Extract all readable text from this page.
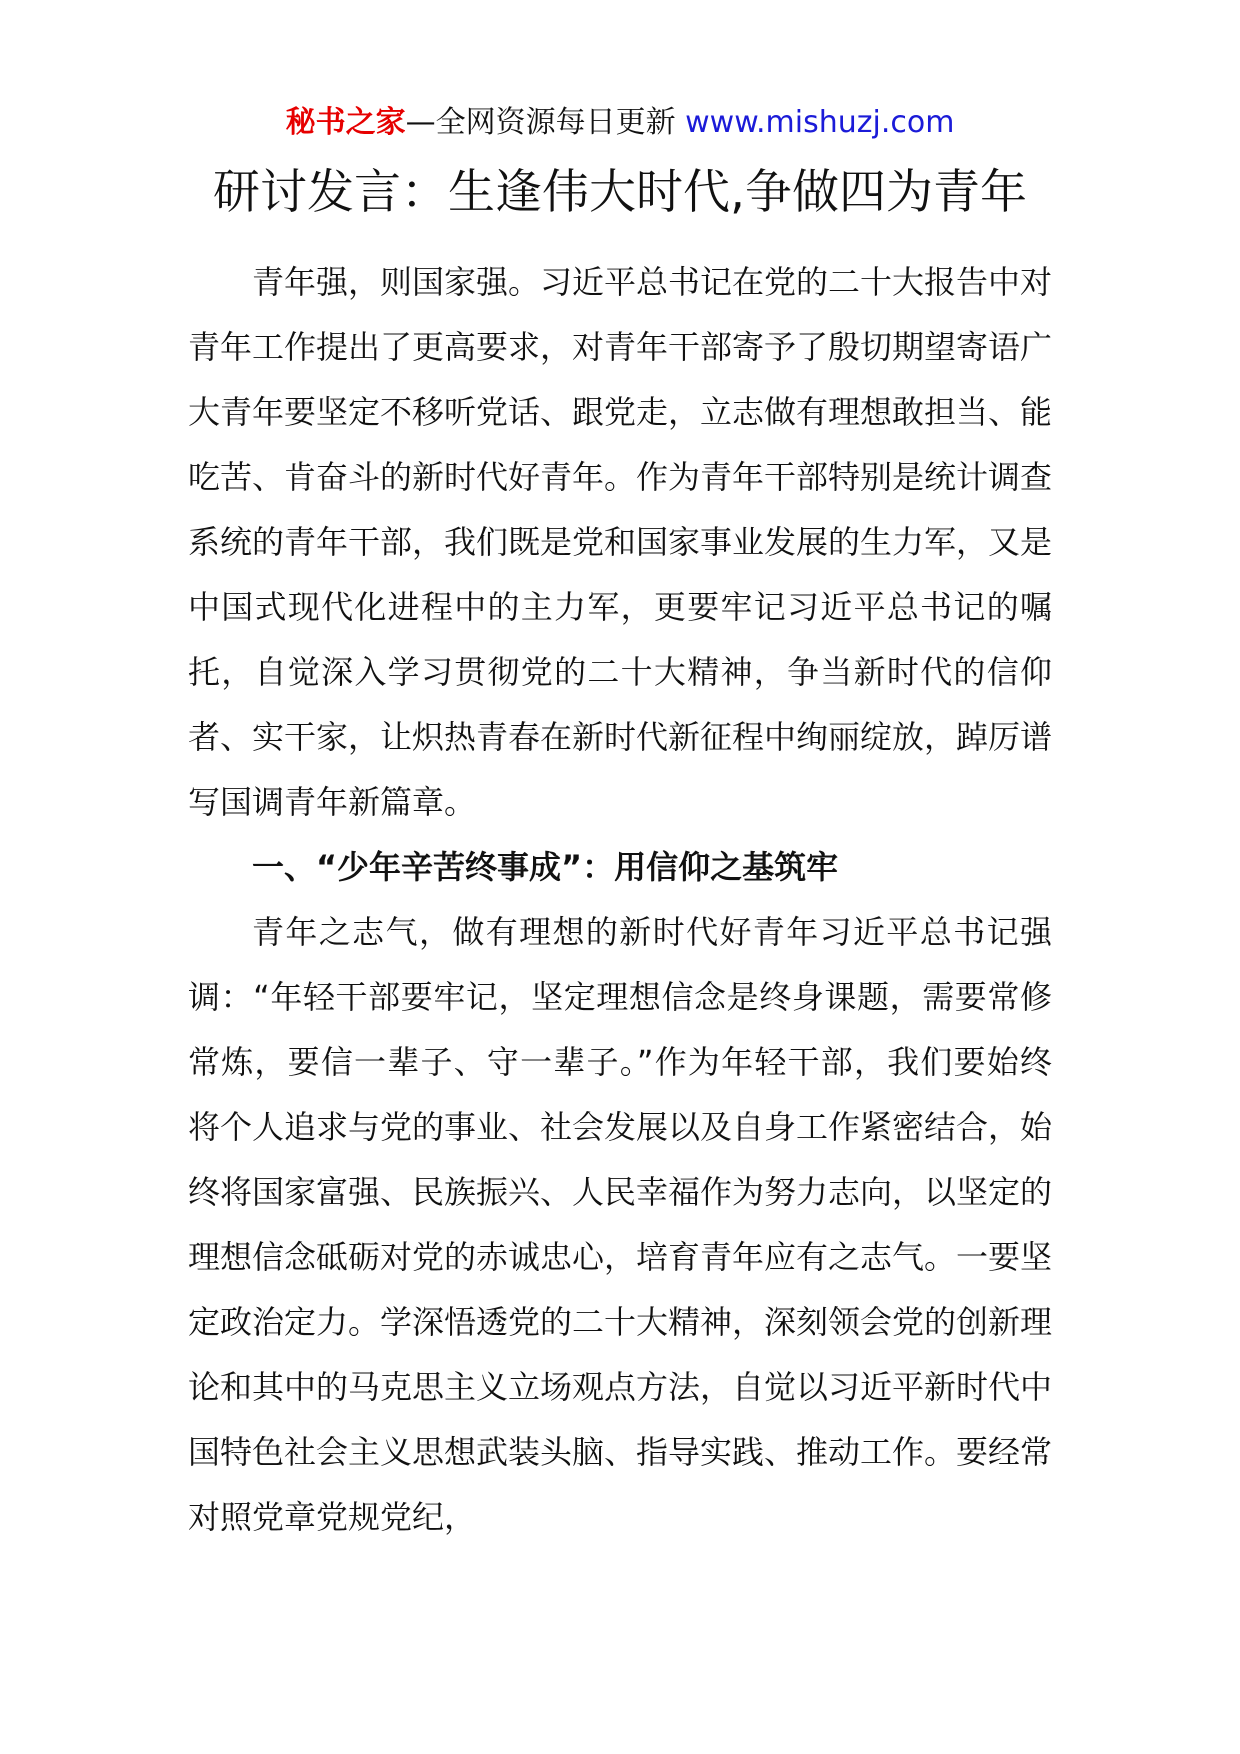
秘书之家—全网资源每日更新 www.mishuzj.com
研讨发言：生逢伟大时代,争做四为青年

青年强，则国家强。习近平总书记在党的二十大报告中对青年工作提出了更高要求，对青年干部寄予了殷切期望寄语广大青年要坚定不移听党话、跟党走，立志做有理想敢担当、能吃苦、肯奋斗的新时代好青年。作为青年干部特别是统计调查系统的青年干部，我们既是党和国家事业发展的生力军，又是中国式现代化进程中的主力军，更要牢记习近平总书记的嘱托，自觉深入学习贯彻党的二十大精神，争当新时代的信仰者、实干家，让炽热青春在新时代新征程中绚丽绽放，踔厉谱写国调青年新篇章。

一、“少年辛苦终事成”：用信仰之基筑牢

青年之志气，做有理想的新时代好青年习近平总书记强调：“年轻干部要牢记，坚定理想信念是终身课题，需要常修常炼，要信一辈子、守一辈子。”作为年轻干部，我们要始终将个人追求与党的事业、社会发展以及自身工作紧密结合，始终将国家富强、民族振兴、人民幸福作为努力志向，以坚定的理想信念砥砺对党的赤诚忠心，培育青年应有之志气。一要坚定政治定力。学深悟透党的二十大精神，深刻领会党的创新理论和其中的马克思主义立场观点方法，自觉以习近平新时代中国特色社会主义思想武装头脑、指导实践、推动工作。要经常对照党章党规党纪，
